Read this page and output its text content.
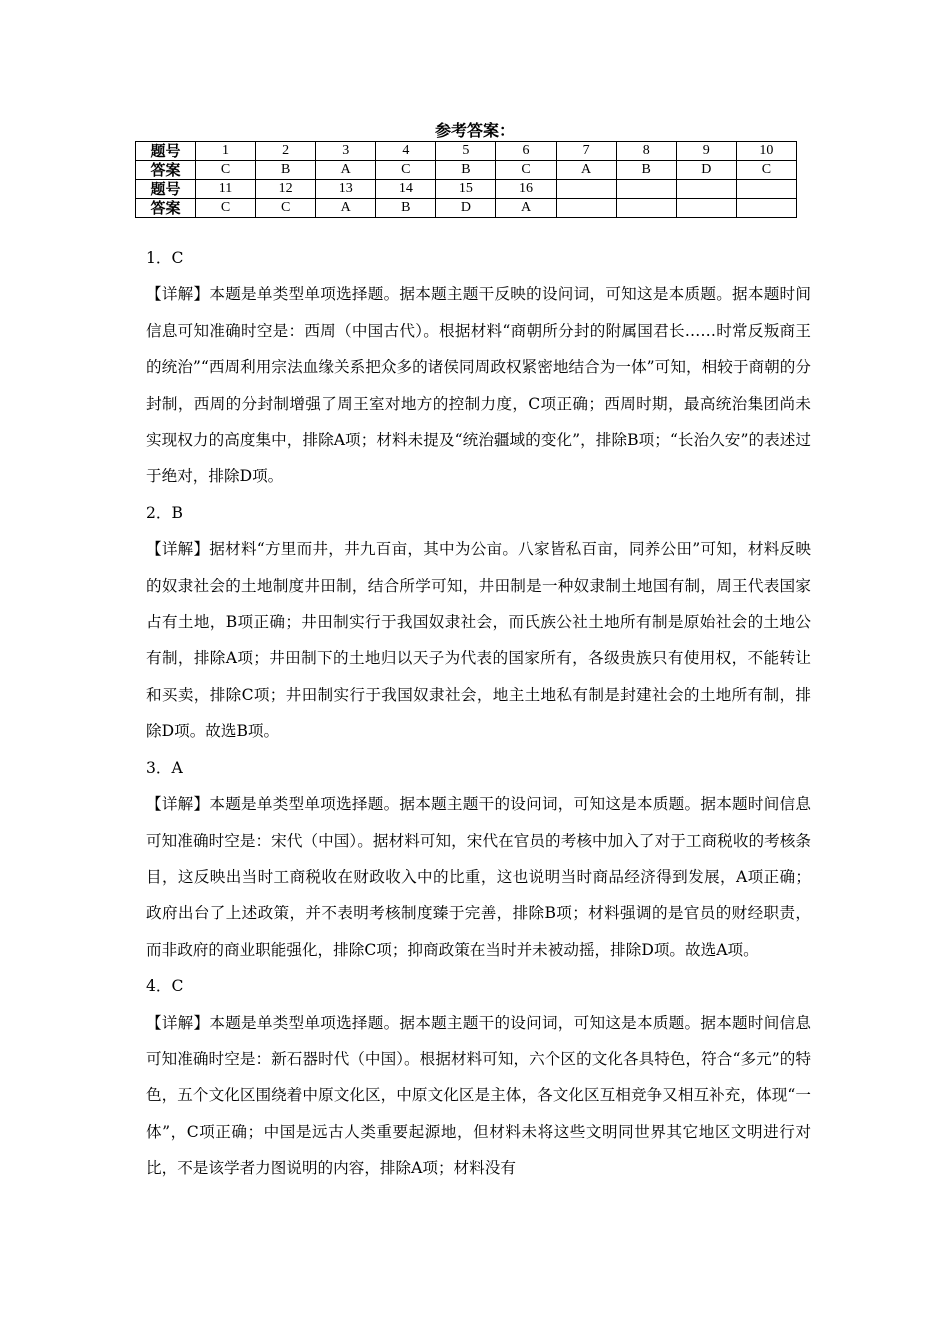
参考答案：
题号	1	2	3	4	5	6	7	8	9	10
答案	C	B	A	C	B	C	A	B	D	C
题号	11	12	13	14	15	16				
答案	C	C	A	B	D	A				

1．C

【详解】本题是单类型单项选择题。据本题主题干反映的设问词，可知这是本质题。据本题时间信息可知准确时空是：西周（中国古代）。根据材料“商朝所分封的附属国君长……时常反叛商王的统治”“西周利用宗法血缘关系把众多的诸侯同周政权紧密地结合为一体”可知，相较于商朝的分封制，西周的分封制增强了周王室对地方的控制力度，C项正确；西周时期，最高统治集团尚未实现权力的高度集中，排除A项；材料未提及“统治疆域的变化”，排除B项；“长治久安”的表述过于绝对，排除D项。

2．B

【详解】据材料“方里而井，井九百亩，其中为公亩。八家皆私百亩，同养公田”可知，材料反映的奴隶社会的土地制度井田制，结合所学可知，井田制是一种奴隶制土地国有制，周王代表国家占有土地，B项正确；井田制实行于我国奴隶社会，而氏族公社土地所有制是原始社会的土地公有制，排除A项；井田制下的土地归以天子为代表的国家所有，各级贵族只有使用权，不能转让和买卖，排除C项；井田制实行于我国奴隶社会，地主土地私有制是封建社会的土地所有制，排除D项。故选B项。

3．A

【详解】本题是单类型单项选择题。据本题主题干的设问词，可知这是本质题。据本题时间信息可知准确时空是：宋代（中国）。据材料可知，宋代在官员的考核中加入了对于工商税收的考核条目，这反映出当时工商税收在财政收入中的比重，这也说明当时商品经济得到发展，A项正确；政府出台了上述政策，并不表明考核制度臻于完善，排除B项；材料强调的是官员的财经职责，而非政府的商业职能强化，排除C项；抑商政策在当时并未被动摇，排除D项。故选A项。

4．C

【详解】本题是单类型单项选择题。据本题主题干的设问词，可知这是本质题。据本题时间信息可知准确时空是：新石器时代（中国）。根据材料可知，六个区的文化各具特色，符合“多元”的特色，五个文化区围绕着中原文化区，中原文化区是主体，各文化区互相竞争又相互补充，体现“一体”，C项正确；中国是远古人类重要起源地，但材料未将这些文明同世界其它地区文明进行对比，不是该学者力图说明的内容，排除A项；材料没有
